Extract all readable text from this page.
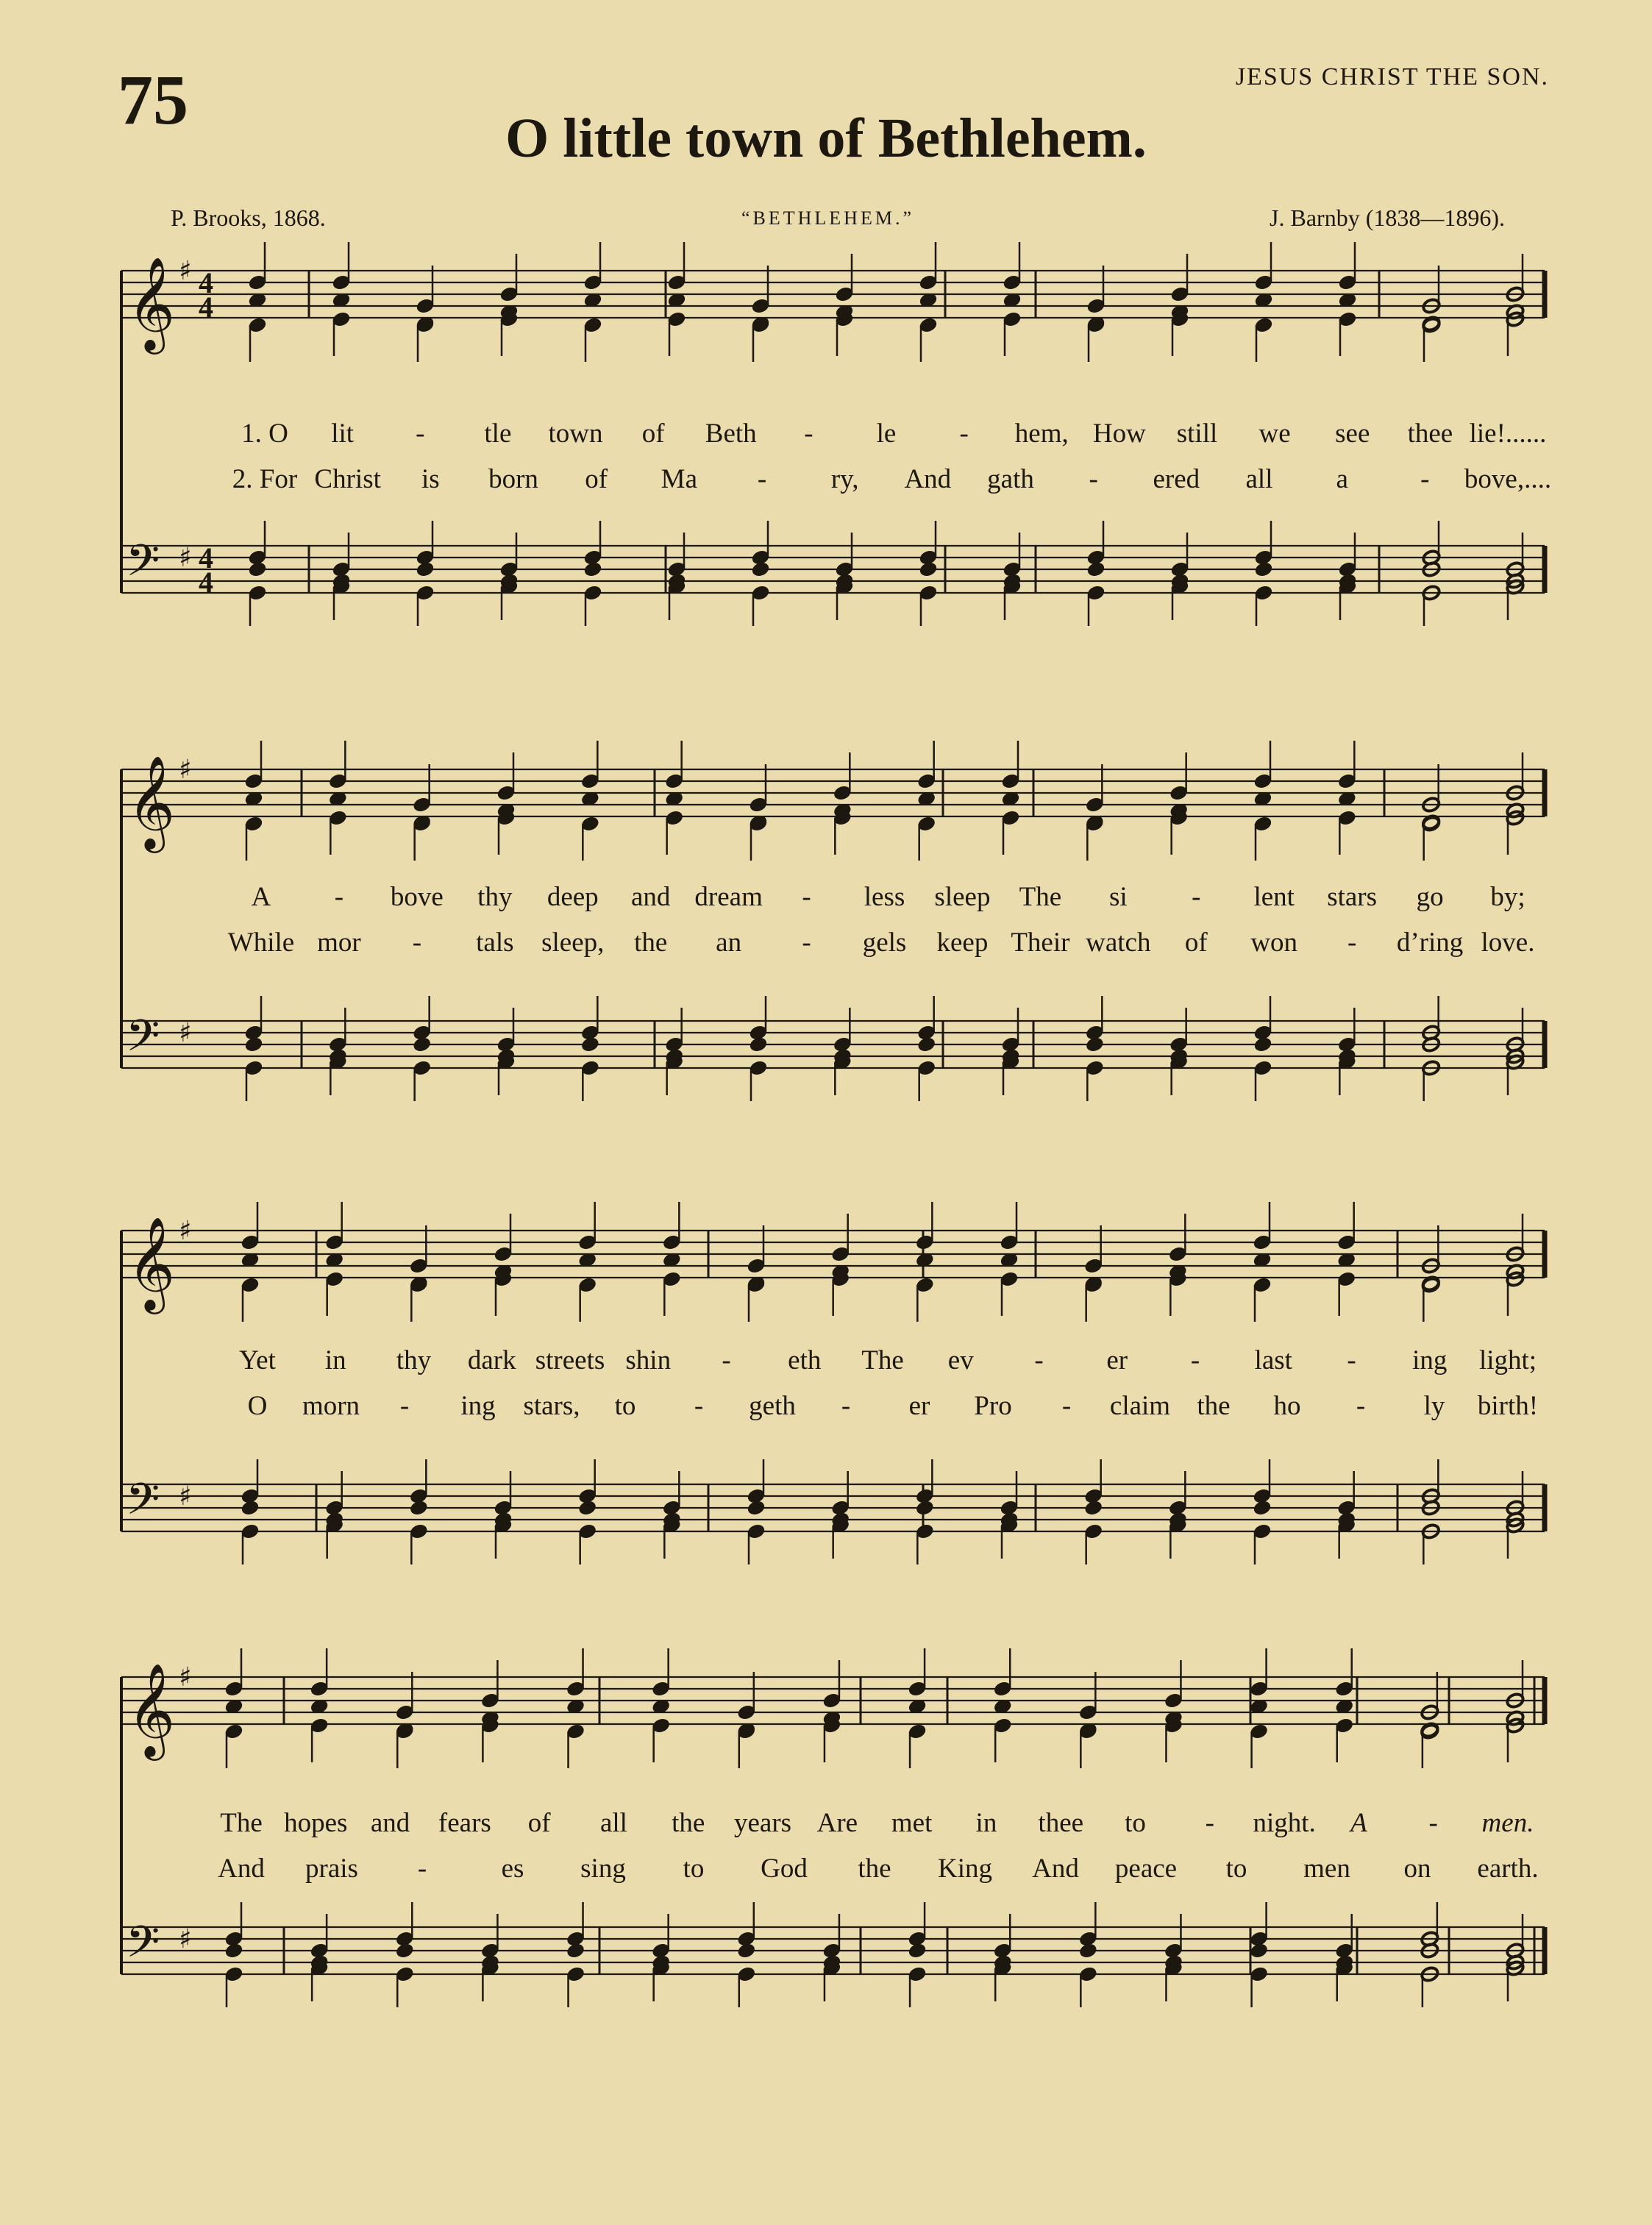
75	JESUS CHRIST THE SON.
O little town of Bethlehem.
P. Brooks, 1868.	“BETHLEHEM.”	J. Barnby (1838—1896).
𝄞
𝄢
♯
♯
4
4
4
4
𝄞
𝄢
♯
♯
𝄞
𝄢
♯
♯
𝄞
𝄢
♯
♯
1. O lit - tle town of Beth - le - hem, How still we see thee lie!......
2. For Christ is born of Ma - ry, And gath - ered all a	- bove,....
A - bove thy deep and dream - less sleep The si - lent stars go by;
While mor - tals sleep, the an - gels keep Their watch of won - d’ring love.
Yet in thy dark streets shin - eth The ev - er - last - ing light;
O morn - ing stars, to - geth - er Pro - claim the ho - ly birth!
The hopes and fears of all the years Are met in thee to - night. A - men.
And prais -	es sing to God the King And peace to men on earth.
